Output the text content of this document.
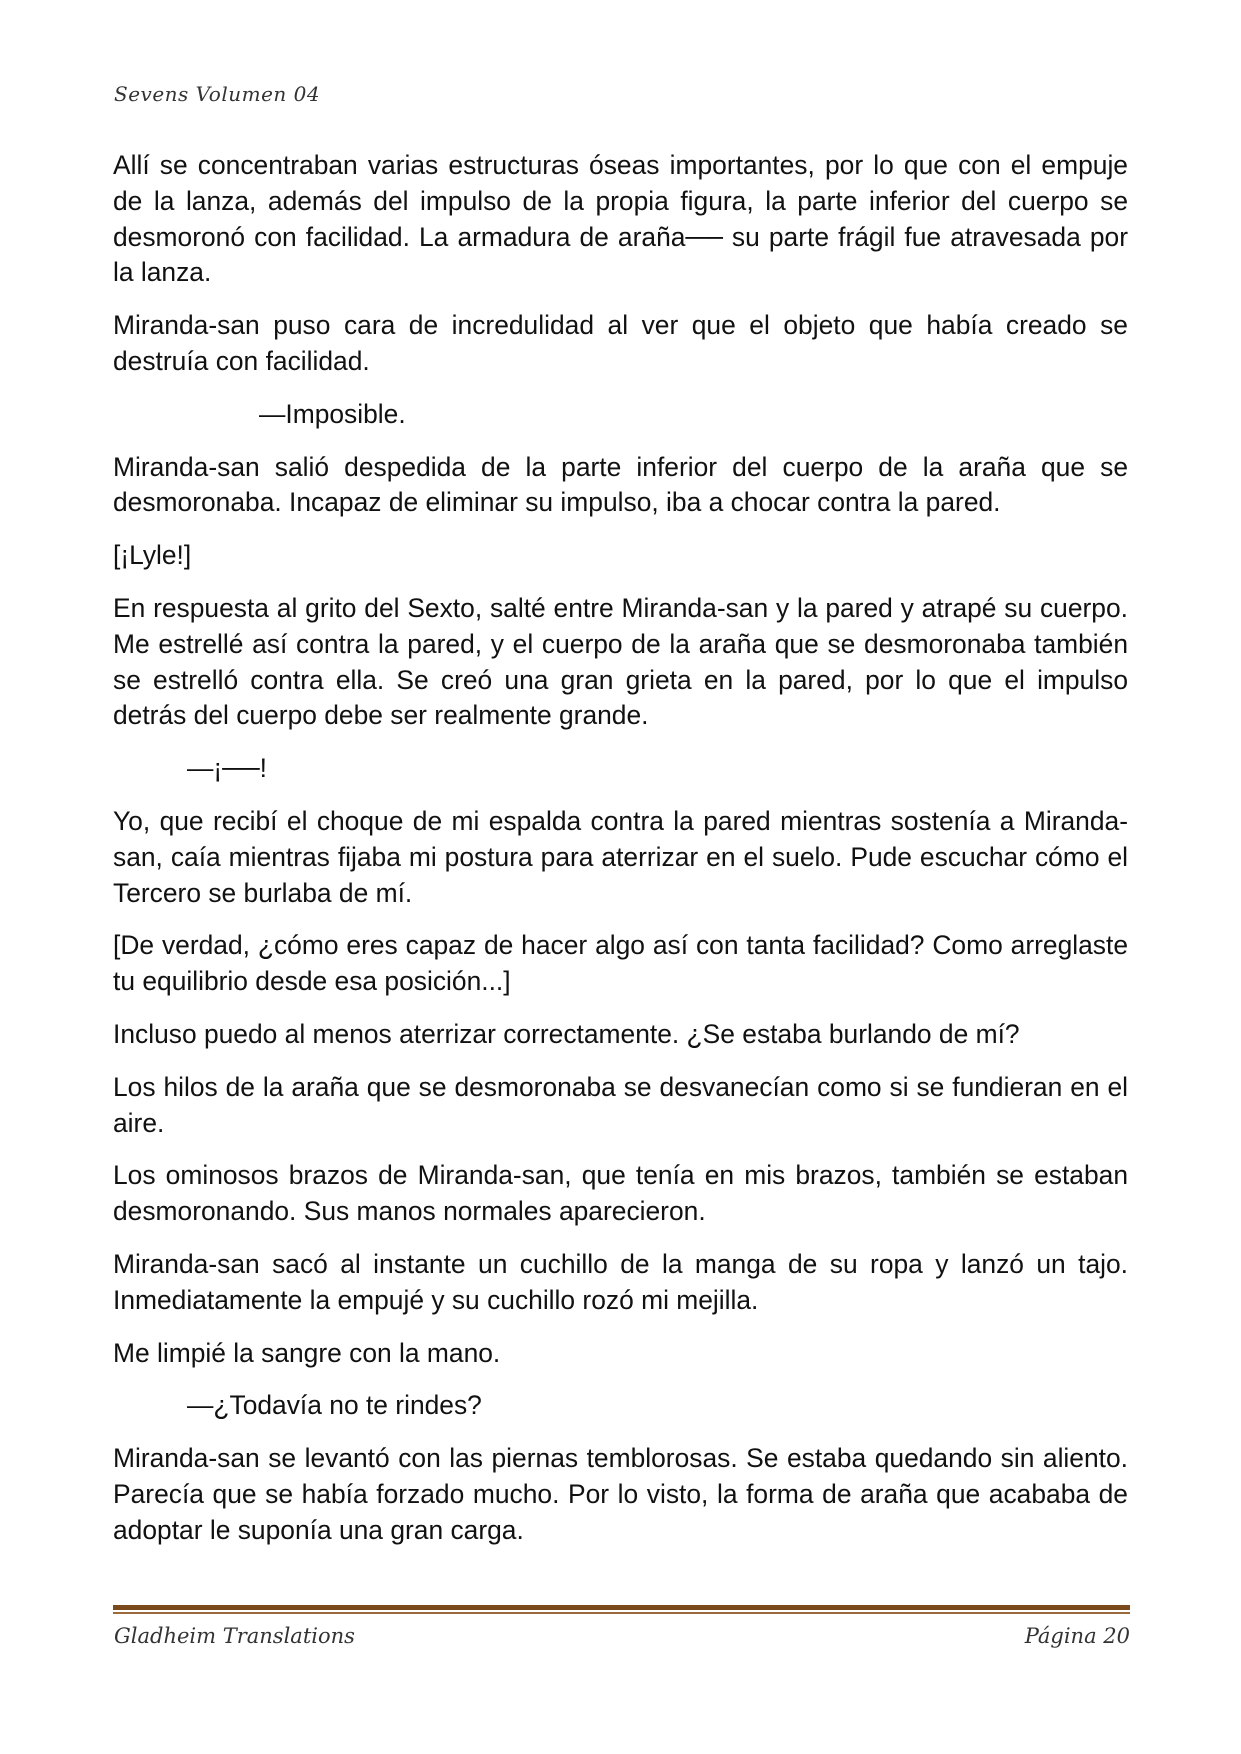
Sevens Volumen 04

Allí se concentraban varias estructuras óseas importantes, por lo que con el empuje de la lanza, además del impulso de la propia figura, la parte inferior del cuerpo se desmoronó con facilidad. La armadura de araña── su parte frágil fue atravesada por la lanza.

Miranda-san puso cara de incredulidad al ver que el objeto que había creado se destruía con facilidad.

—Imposible.

Miranda-san salió despedida de la parte inferior del cuerpo de la araña que se desmoronaba. Incapaz de eliminar su impulso, iba a chocar contra la pared.

[¡Lyle!]

En respuesta al grito del Sexto, salté entre Miranda-san y la pared y atrapé su cuerpo. Me estrellé así contra la pared, y el cuerpo de la araña que se desmoronaba también se estrelló contra ella. Se creó una gran grieta en la pared, por lo que el impulso detrás del cuerpo debe ser realmente grande.

—¡──!

Yo, que recibí el choque de mi espalda contra la pared mientras sostenía a Miranda-san, caía mientras fijaba mi postura para aterrizar en el suelo. Pude escuchar cómo el Tercero se burlaba de mí.

[De verdad, ¿cómo eres capaz de hacer algo así con tanta facilidad? Como arreglaste tu equilibrio desde esa posición...]

Incluso puedo al menos aterrizar correctamente. ¿Se estaba burlando de mí?

Los hilos de la araña que se desmoronaba se desvanecían como si se fundieran en el aire.

Los ominosos brazos de Miranda-san, que tenía en mis brazos, también se estaban desmoronando. Sus manos normales aparecieron.

Miranda-san sacó al instante un cuchillo de la manga de su ropa y lanzó un tajo. Inmediatamente la empujé y su cuchillo rozó mi mejilla.

Me limpié la sangre con la mano.

—¿Todavía no te rindes?

Miranda-san se levantó con las piernas temblorosas. Se estaba quedando sin aliento. Parecía que se había forzado mucho. Por lo visto, la forma de araña que acababa de adoptar le suponía una gran carga.

Gladheim Translations	Página 20
